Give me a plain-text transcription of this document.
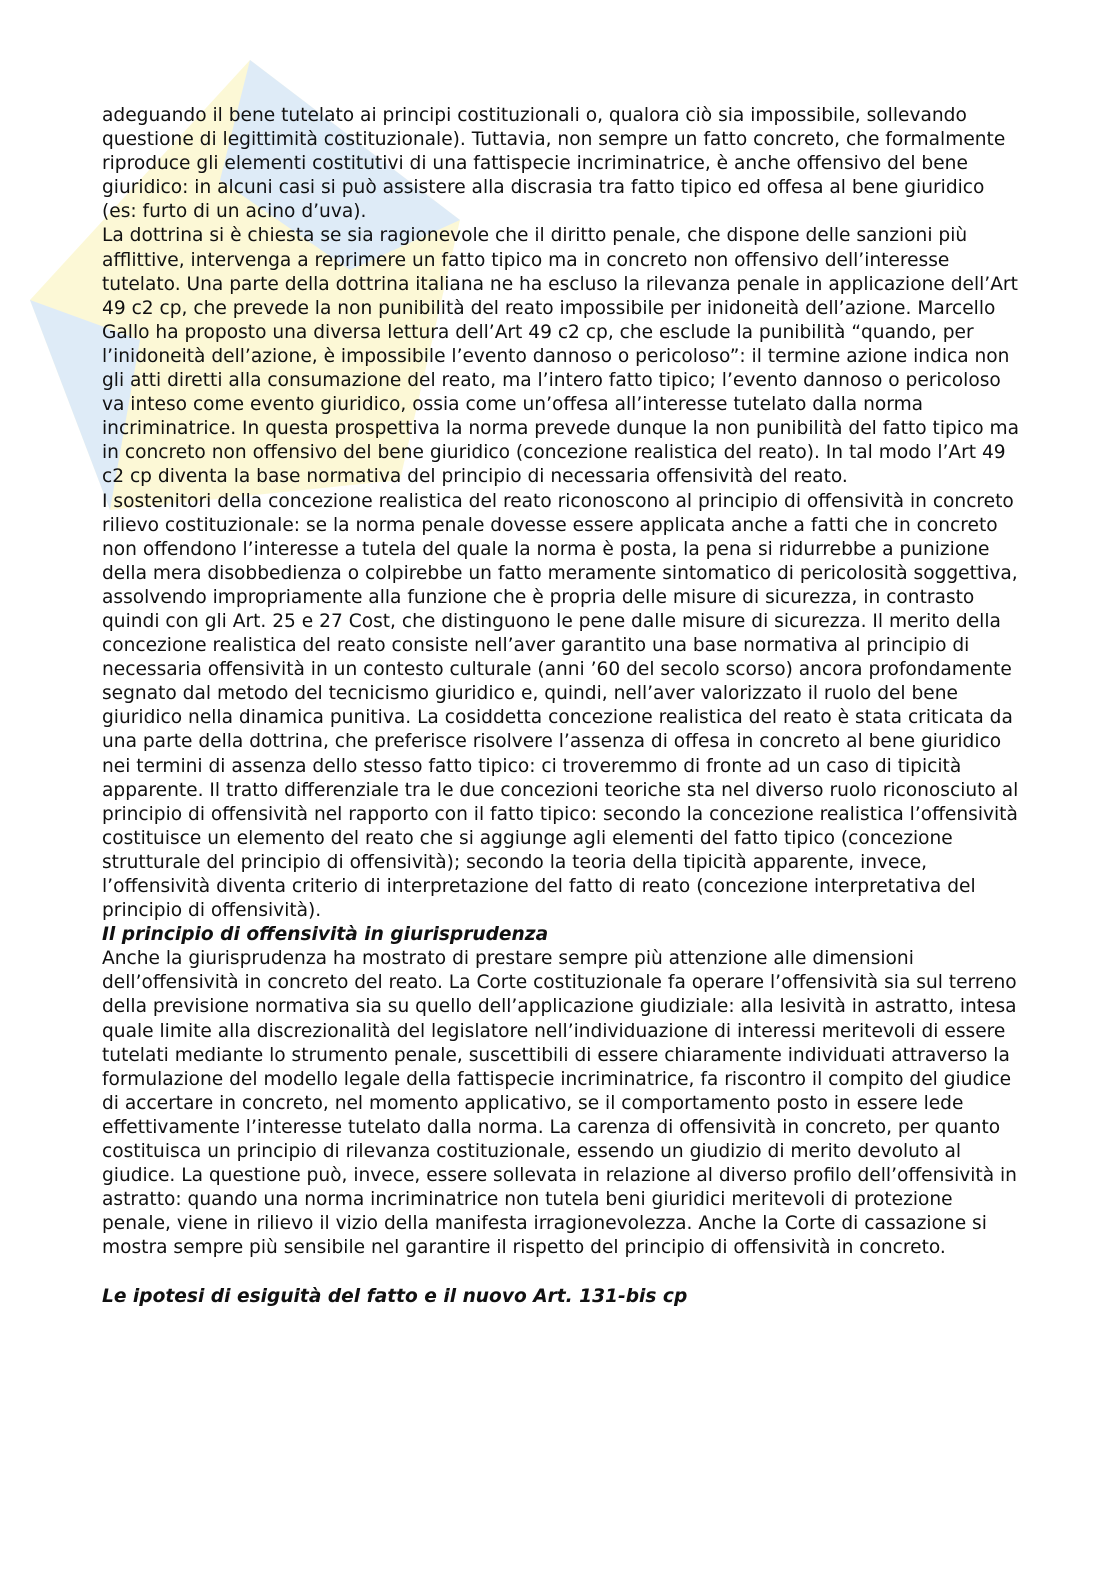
adeguando il bene tutelato ai principi costituzionali o, qualora ciò sia impossibile, sollevando questione di legittimità costituzionale). Tuttavia, non sempre un fatto concreto, che formalmente riproduce gli elementi costitutivi di una fattispecie incriminatrice, è anche offensivo del bene giuridico: in alcuni casi si può assistere alla discrasia tra fatto tipico ed offesa al bene giuridico (es: furto di un acino d’uva).

La dottrina si è chiesta se sia ragionevole che il diritto penale, che dispone delle sanzioni più afflittive, intervenga a reprimere un fatto tipico ma in concreto non offensivo dell’interesse tutelato. Una parte della dottrina italiana ne ha escluso la rilevanza penale in applicazione dell’Art 49 c2 cp, che prevede la non punibilità del reato impossibile per inidoneità dell’azione. Marcello Gallo ha proposto una diversa lettura dell’Art 49 c2 cp, che esclude la punibilità “quando, per l’inidoneità dell’azione, è impossibile l’evento dannoso o pericoloso”: il termine azione indica non gli atti diretti alla consumazione del reato, ma l’intero fatto tipico; l’evento dannoso o pericoloso va inteso come evento giuridico, ossia come un’offesa all’interesse tutelato dalla norma incriminatrice. In questa prospettiva la norma prevede dunque la non punibilità del fatto tipico ma in concreto non offensivo del bene giuridico (concezione realistica del reato). In tal modo l’Art 49 c2 cp diventa la base normativa del principio di necessaria offensività del reato.

I sostenitori della concezione realistica del reato riconoscono al principio di offensività in concreto rilievo costituzionale: se la norma penale dovesse essere applicata anche a fatti che in concreto non offendono l’interesse a tutela del quale la norma è posta, la pena si ridurrebbe a punizione della mera disobbedienza o colpirebbe un fatto meramente sintomatico di pericolosità soggettiva, assolvendo impropriamente alla funzione che è propria delle misure di sicurezza, in contrasto quindi con gli Art. 25 e 27 Cost, che distinguono le pene dalle misure di sicurezza. Il merito della concezione realistica del reato consiste nell’aver garantito una base normativa al principio di necessaria offensività in un contesto culturale (anni ’60 del secolo scorso) ancora profondamente segnato dal metodo del tecnicismo giuridico e, quindi, nell’aver valorizzato il ruolo del bene giuridico nella dinamica punitiva. La cosiddetta concezione realistica del reato è stata criticata da una parte della dottrina, che preferisce risolvere l’assenza di offesa in concreto al bene giuridico nei termini di assenza dello stesso fatto tipico: ci troveremmo di fronte ad un caso di tipicità apparente. Il tratto differenziale tra le due concezioni teoriche sta nel diverso ruolo riconosciuto al principio di offensività nel rapporto con il fatto tipico: secondo la concezione realistica l’offensività costituisce un elemento del reato che si aggiunge agli elementi del fatto tipico (concezione strutturale del principio di offensività); secondo la teoria della tipicità apparente, invece, l’offensività diventa criterio di interpretazione del fatto di reato (concezione interpretativa del principio di offensività).

Il principio di offensività in giurisprudenza

Anche la giurisprudenza ha mostrato di prestare sempre più attenzione alle dimensioni dell’offensività in concreto del reato. La Corte costituzionale fa operare l’offensività sia sul terreno della previsione normativa sia su quello dell’applicazione giudiziale: alla lesività in astratto, intesa quale limite alla discrezionalità del legislatore nell’individuazione di interessi meritevoli di essere tutelati mediante lo strumento penale, suscettibili di essere chiaramente individuati attraverso la formulazione del modello legale della fattispecie incriminatrice, fa riscontro il compito del giudice di accertare in concreto, nel momento applicativo, se il comportamento posto in essere lede effettivamente l’interesse tutelato dalla norma. La carenza di offensività in concreto, per quanto costituisca un principio di rilevanza costituzionale, essendo un giudizio di merito devoluto al giudice. La questione può, invece, essere sollevata in relazione al diverso profilo dell’offensività in astratto: quando una norma incriminatrice non tutela beni giuridici meritevoli di protezione penale, viene in rilievo il vizio della manifesta irragionevolezza. Anche la Corte di cassazione si mostra sempre più sensibile nel garantire il rispetto del principio di offensività in concreto.

Le ipotesi di esiguità del fatto e il nuovo Art. 131-bis cp
